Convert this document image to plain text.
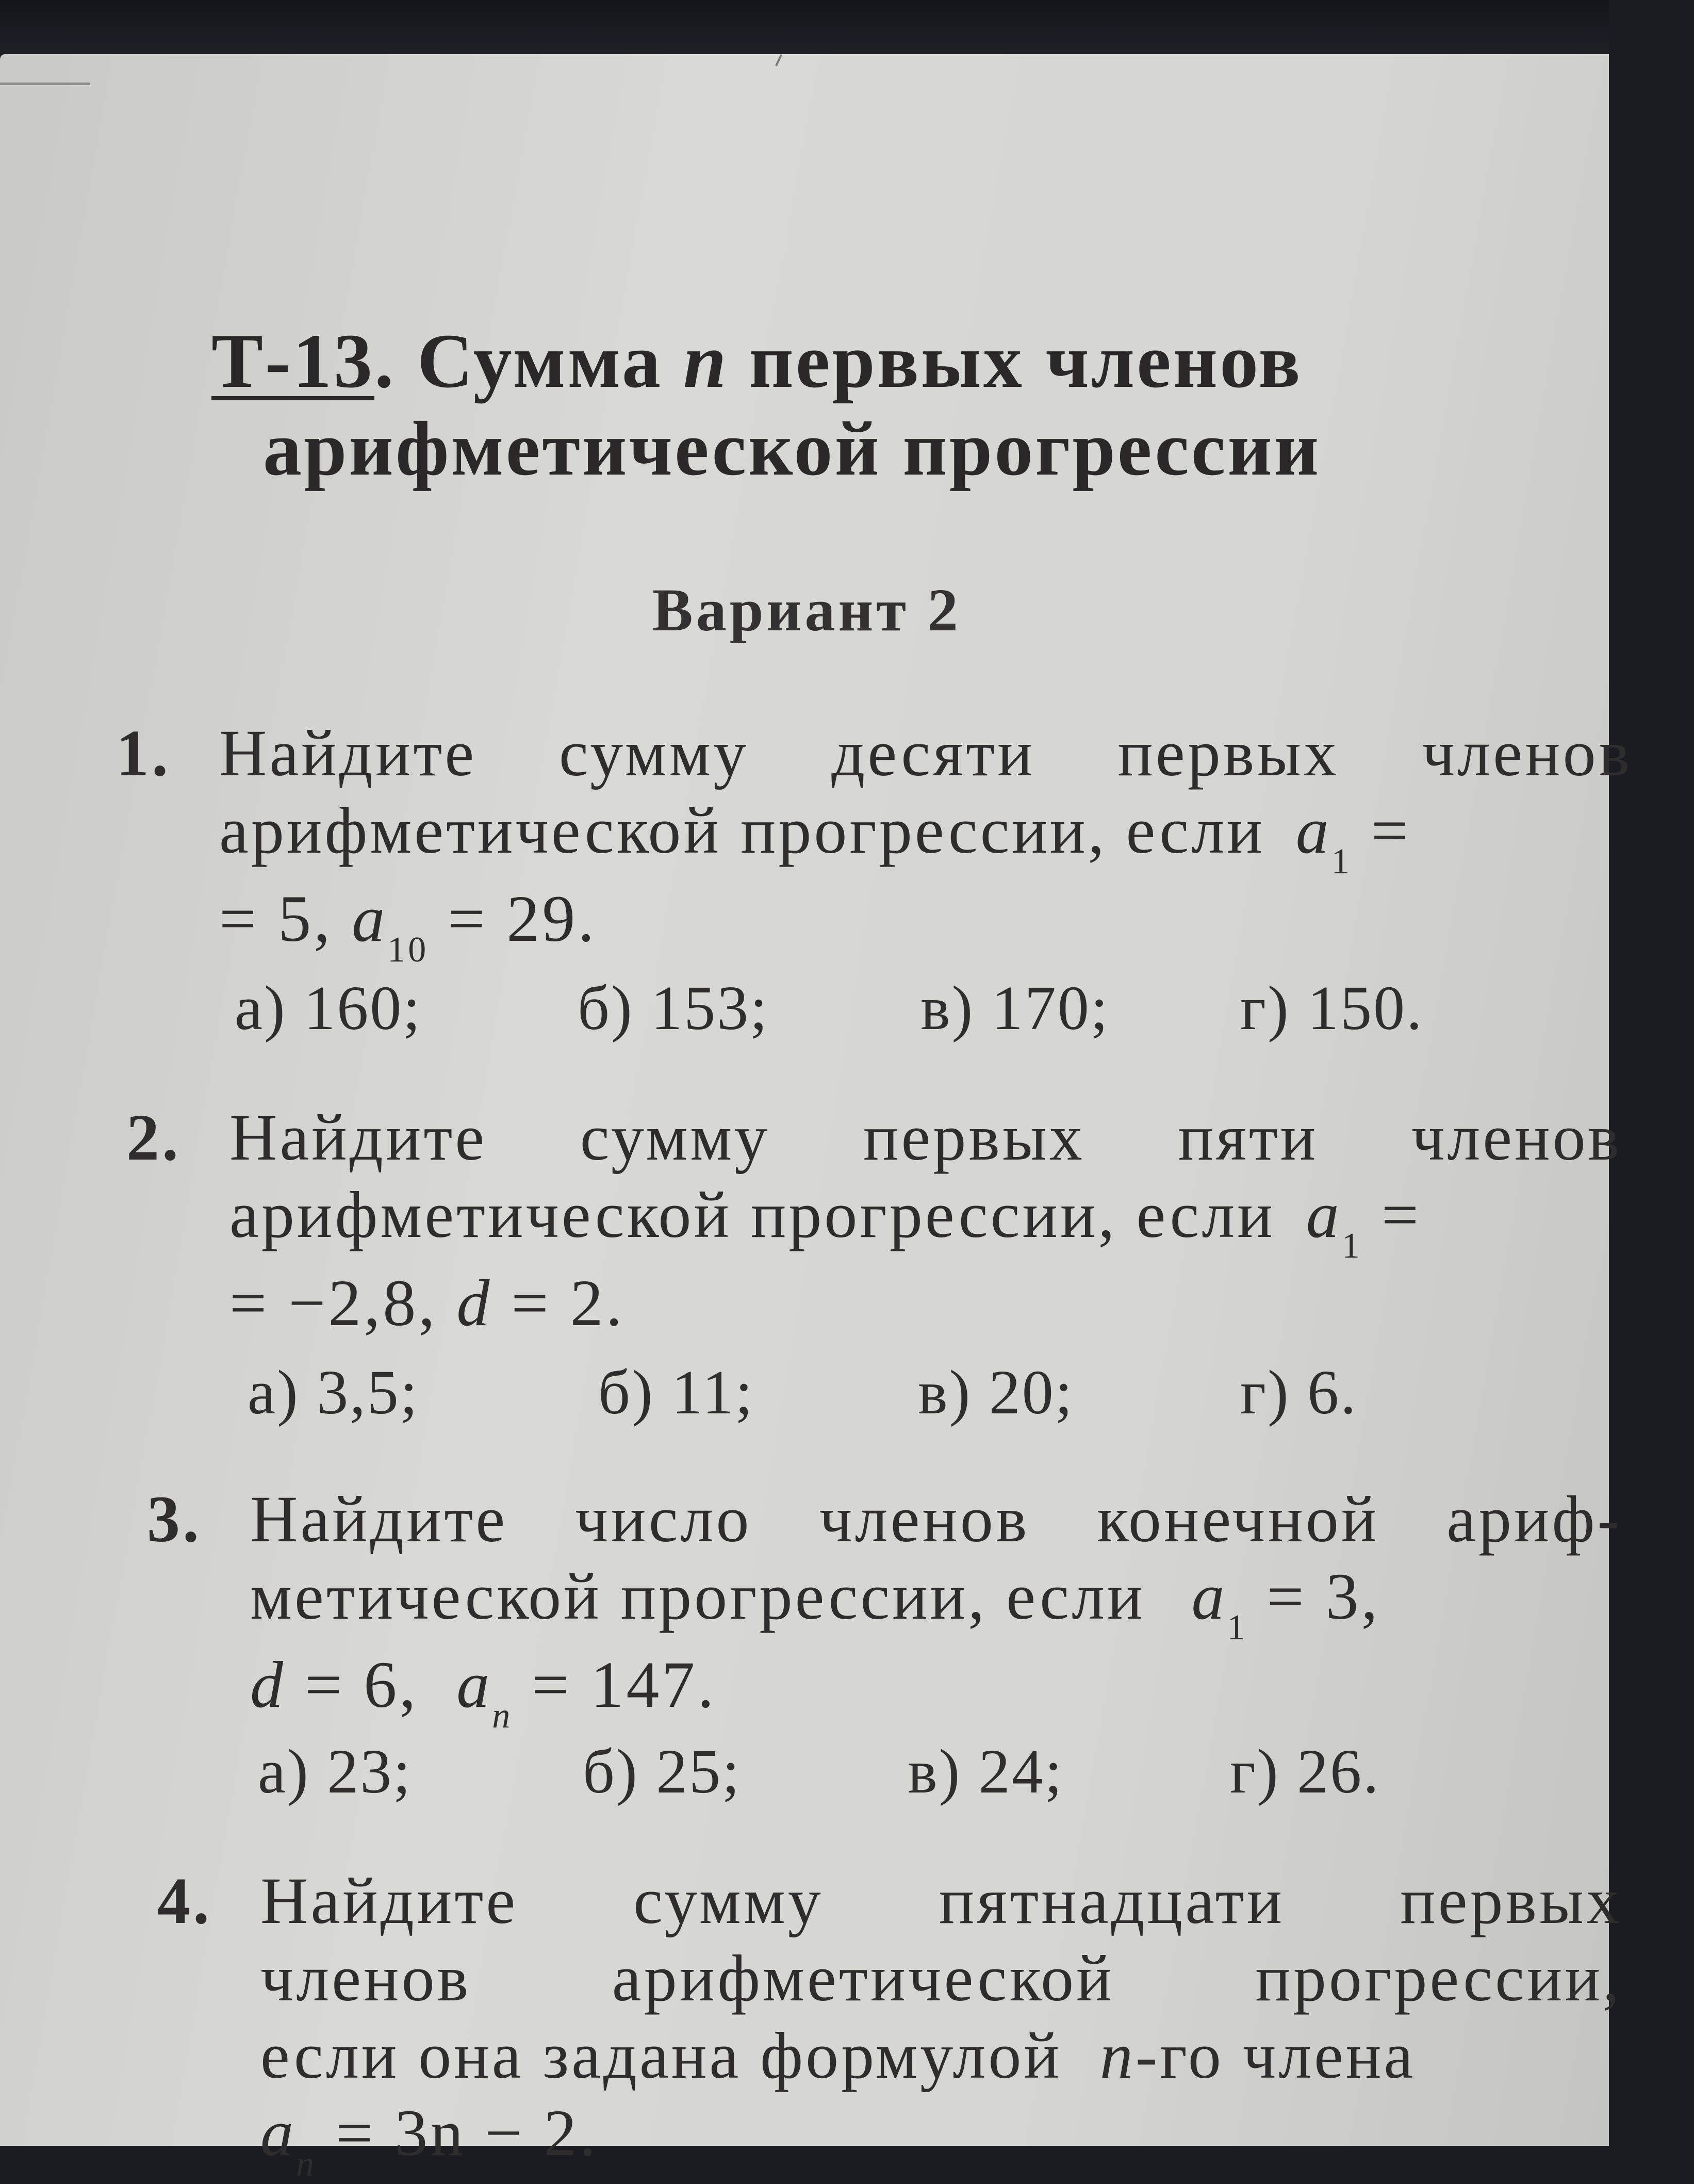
Т-13. Сумма n первых членов
арифметической прогрессии
Вариант 2
1. Найдите сумму десяти первых членов
арифметической прогрессии, если $a_1$ =
= 5, $a_{10} = 29$.
а) 160; б) 153; в) 170; г) 150.
2. Найдите сумму первых пяти членов
арифметической прогрессии, если $a_1$ =
= −2,8, d = 2.
а) 3,5;	б) 11;	в) 20;	г) 6.
3. Найдите число членов конечной ариф-
метической прогрессии, если $a_1 = 3$,
d = 6, $a_n = 147$.
а) 23;	б) 25;	в) 24;	г) 26.
4. Найдите сумму пятнадцати первых
членов арифметической прогрессии,
если она задана формулой n-го члена
$a_n = 3n - 2$.
